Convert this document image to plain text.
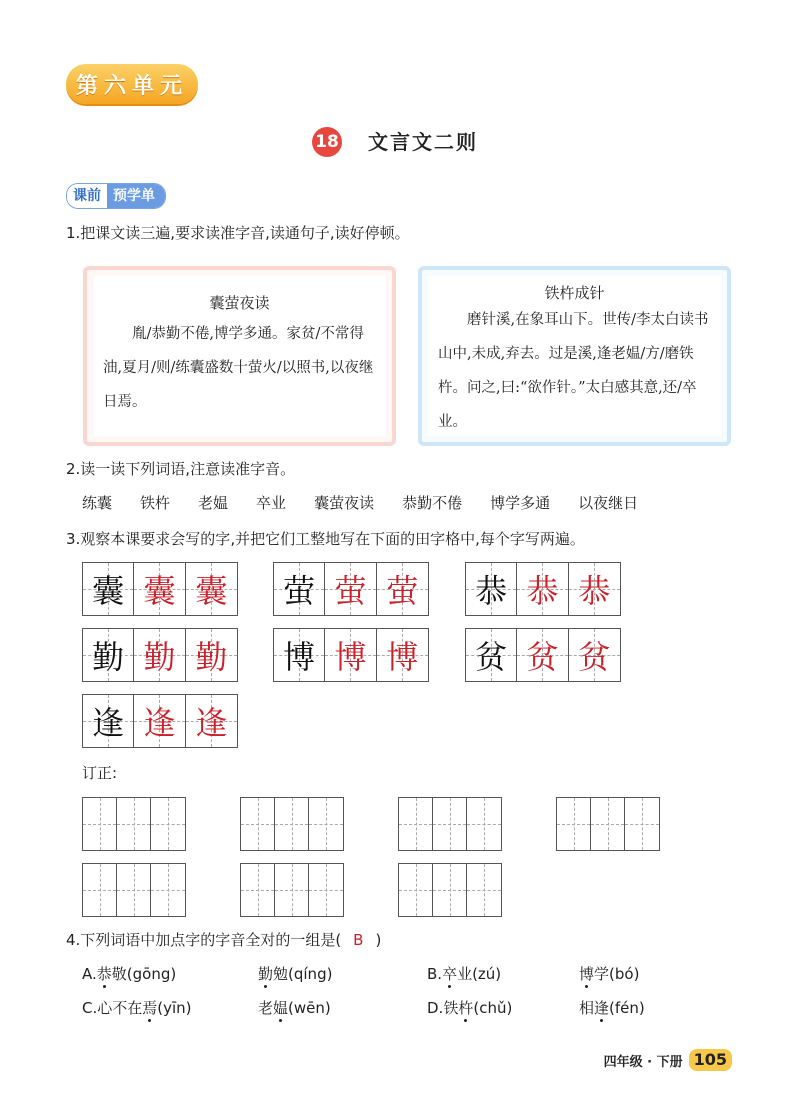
第六单元
18 文言文二则
课前 预学单
1.把课文读三遍,要求读准字音,读通句子,读好停顿。
囊萤夜读
胤/恭勤不倦,博学多通。家贫/不常得油,夏月/则/练囊盛数十萤火/以照书,以夜继日焉。
铁杵成针
磨针溪,在象耳山下。世传/李太白读书山中,未成,弃去。过是溪,逢老媪/方/磨铁杵。问之,曰:“欲作针。”太白感其意,还/卒业。
2.读一读下列词语,注意读准字音。
练囊 铁杵 老媪 卒业 囊萤夜读 恭勤不倦 博学多通 以夜继日
3.观察本课要求会写的字,并把它们工整地写在下面的田字格中,每个字写两遍。
囊 囊 囊 萤 萤 萤 恭 恭 恭
勤 勤 勤 博 博 博 贫 贫 贫
逢 逢 逢
订正:
4.下列词语中加点字的字音全对的一组是( B )
A.恭敬(gōng)	勤勉(qíng)	B.卒业(zú)	博学(bó)
C.心不在焉(yīn)	老媪(wēn)	D.铁杵(chǔ)	相逢(fén)
四年级 · 下册 105
